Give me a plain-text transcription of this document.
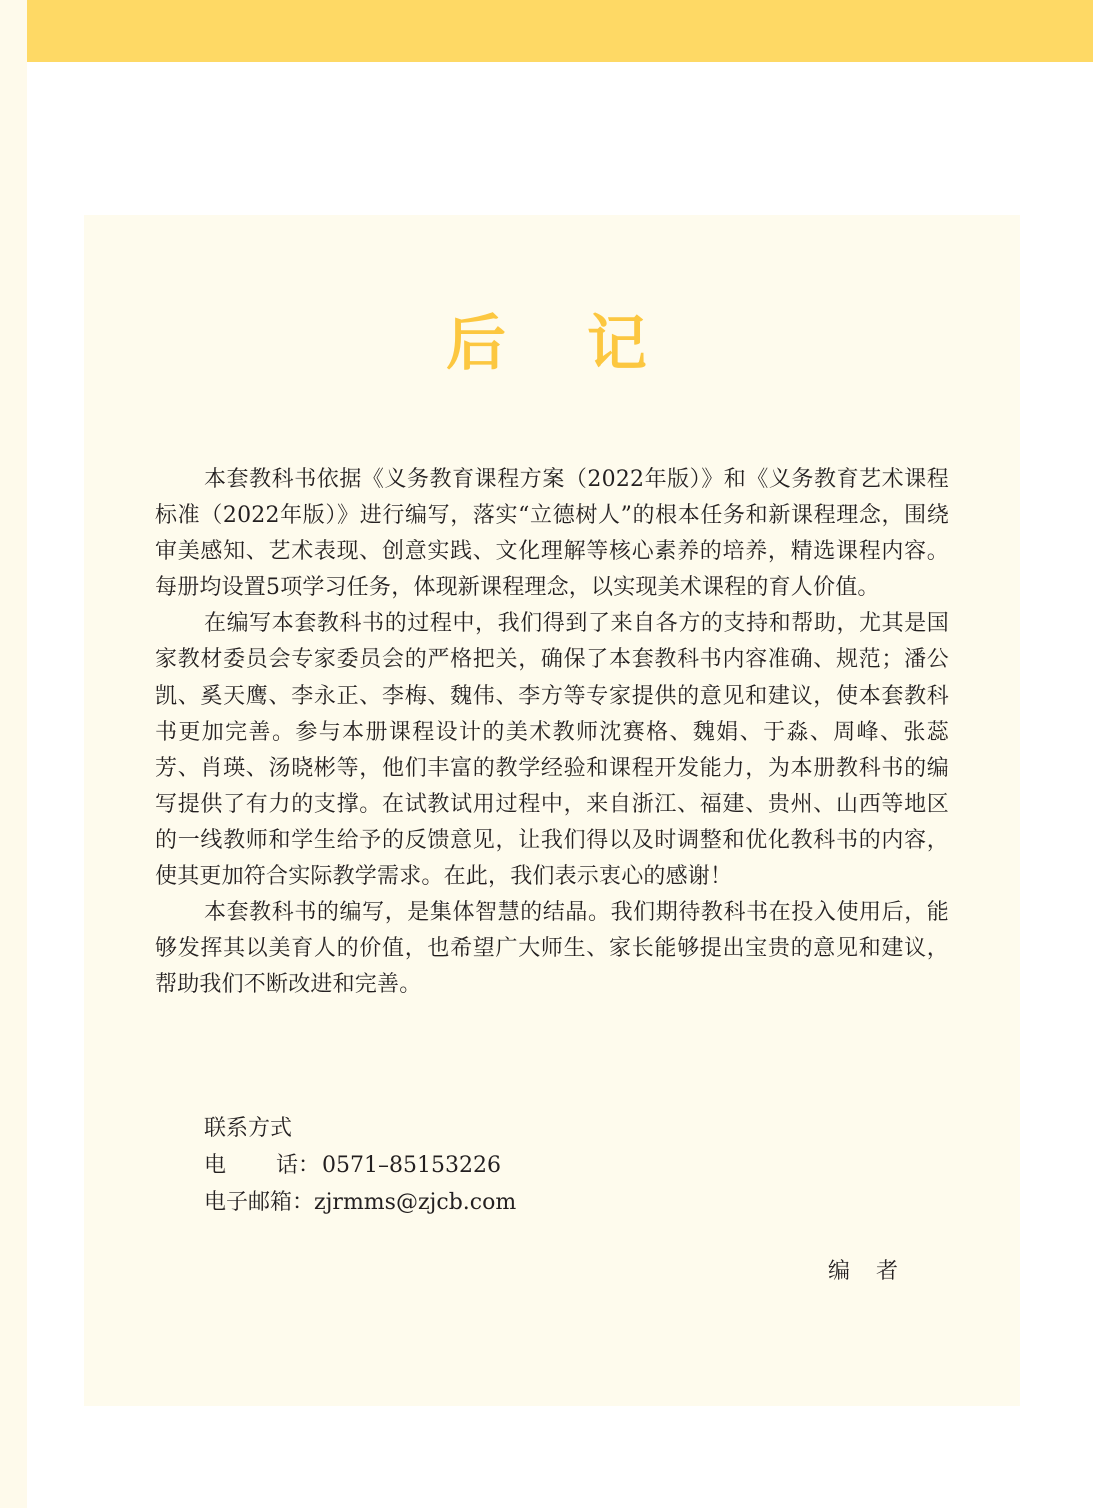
后 记

本套教科书依据《义务教育课程方案（2022年版）》和《义务教育艺术课程标准（2022年版）》进行编写，落实“立德树人”的根本任务和新课程理念，围绕审美感知、艺术表现、创意实践、文化理解等核心素养的培养，精选课程内容。每册均设置5项学习任务，体现新课程理念，以实现美术课程的育人价值。

在编写本套教科书的过程中，我们得到了来自各方的支持和帮助，尤其是国家教材委员会专家委员会的严格把关，确保了本套教科书内容准确、规范；潘公凯、奚天鹰、李永正、李梅、魏伟、李方等专家提供的意见和建议，使本套教科书更加完善。参与本册课程设计的美术教师沈赛格、魏娟、于淼、周峰、张蕊芳、肖瑛、汤晓彬等，他们丰富的教学经验和课程开发能力，为本册教科书的编写提供了有力的支撑。在试教试用过程中，来自浙江、福建、贵州、山西等地区的一线教师和学生给予的反馈意见，让我们得以及时调整和优化教科书的内容，使其更加符合实际教学需求。在此，我们表示衷心的感谢！

本套教科书的编写，是集体智慧的结晶。我们期待教科书在投入使用后，能够发挥其以美育人的价值，也希望广大师生、家长能够提出宝贵的意见和建议，帮助我们不断改进和完善。

联系方式
电 话：0571–85153226
电子邮箱：zjrmms@zjcb.com
编者
